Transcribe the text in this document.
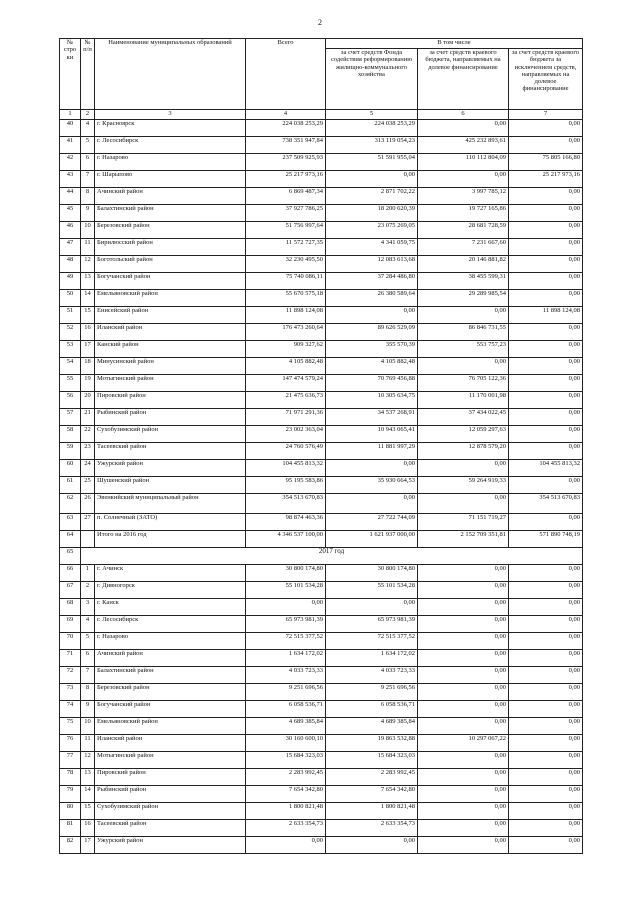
2
№ стро ки	№ п/п	Наименование муниципальных образований	Всего	В том числе		
				за счет средств Фонда содействия реформированию жилищно-коммунального хозяйства	за счет средств краевого бюджета, направляемых на долевое финансирование	за счет средств краевого бюджета за исключением средств, направляемых на долевое финансирование
1	2	3	4	5	6	7
40	4	г. Красноярск	224 038 253,29	224 038 253,29	0,00	0,00
41	5	г. Лесосибирск	738 351 947,84	313 119 054,23	425 232 893,61	0,00
42	6	г. Назарово	237 509 925,93	51 591 955,04	110 112 804,09	75 805 166,80
43	7	г. Шарыпово	25 217 973,16	0,00	0,00	25 217 973,16
44	8	Ачинский район	6 869 487,34	2 871 702,22	3 997 785,12	0,00
45	9	Балахтинский район	37 927 786,25	18 200 620,39	19 727 165,86	0,00
46	10	Березовский район	51 756 997,64	23 075 269,05	28 681 728,59	0,00
47	11	Бирилюсский район	11 572 727,35	4 341 059,75	7 231 667,60	0,00
48	12	Боготольский район	32 230 495,50	12 083 613,68	20 146 881,82	0,00
49	13	Богучанский район	75 740 086,11	37 284 486,80	38 455 599,31	0,00
50	14	Емельяновский район	55 670 575,18	26 380 589,64	29 289 985,54	0,00
51	15	Енисейский район	11 898 124,08	0,00	0,00	11 898 124,08
52	16	Иланский район	176 473 260,64	89 626 529,09	86 846 731,55	0,00
53	17	Канский район	909 327,62	355 570,39	553 757,23	0,00
54	18	Минусинский район	4 105 882,48	4 105 882,48	0,00	0,00
55	19	Мотыгинский район	147 474 579,24	70 769 456,88	76 705 122,36	0,00
56	20	Пировский район	21 475 636,73	10 305 634,75	11 170 001,98	0,00
57	21	Рыбинский район	71 971 291,36	34 537 268,91	37 434 022,45	0,00
58	22	Сухобузимский район	23 002 363,04	10 943 065,41	12 059 297,63	0,00
59	23	Тасеевский район	24 760 576,49	11 881 997,29	12 878 579,20	0,00
60	24	Ужурский район	104 455 813,32	0,00	0,00	104 455 813,32
61	25	Шушенский район	95 195 583,86	35 930 664,53	59 264 919,33	0,00
62	26	Эвенкийский муниципальный район	354 513 670,83	0,00	0,00	354 513 670,83
63	27	п. Солнечный (ЗАТО)	98 874 463,36	27 722 744,09	71 151 719,27	0,00
64		Итого на 2016 год	4 346 537 100,00	1 621 937 000,00	2 152 709 351,81	571 890 748,19
65	2017 год					
66	1	г. Ачинск	30 800 174,80	30 800 174,80	0,00	0,00
67	2	г. Дивногорск	55 101 534,28	55 101 534,28	0,00	0,00
68	3	г. Канск	0,00	0,00	0,00	0,00
69	4	г. Лесосибирск	65 973 981,39	65 973 981,39	0,00	0,00
70	5	г. Назарово	72 515 377,52	72 515 377,52	0,00	0,00
71	6	Ачинский район	1 634 172,02	1 634 172,02	0,00	0,00
72	7	Балахтинский район	4 033 723,33	4 033 723,33	0,00	0,00
73	8	Березовский район	9 251 696,56	9 251 696,56	0,00	0,00
74	9	Богучанский район	6 058 536,71	6 058 536,71	0,00	0,00
75	10	Емельяновский район	4 689 385,84	4 689 385,84	0,00	0,00
76	11	Иланский район	30 160 600,10	19 863 532,88	10 297 067,22	0,00
77	12	Мотыгинский район	15 684 323,03	15 684 323,03	0,00	0,00
78	13	Пировский район	2 283 992,45	2 283 992,45	0,00	0,00
79	14	Рыбинский район	7 654 342,80	7 654 342,80	0,00	0,00
80	15	Сухобузимский район	1 800 821,48	1 800 821,48	0,00	0,00
81	16	Тасеевский район	2 633 354,73	2 633 354,73	0,00	0,00
82	17	Ужурский район	0,00	0,00	0,00	0,00
